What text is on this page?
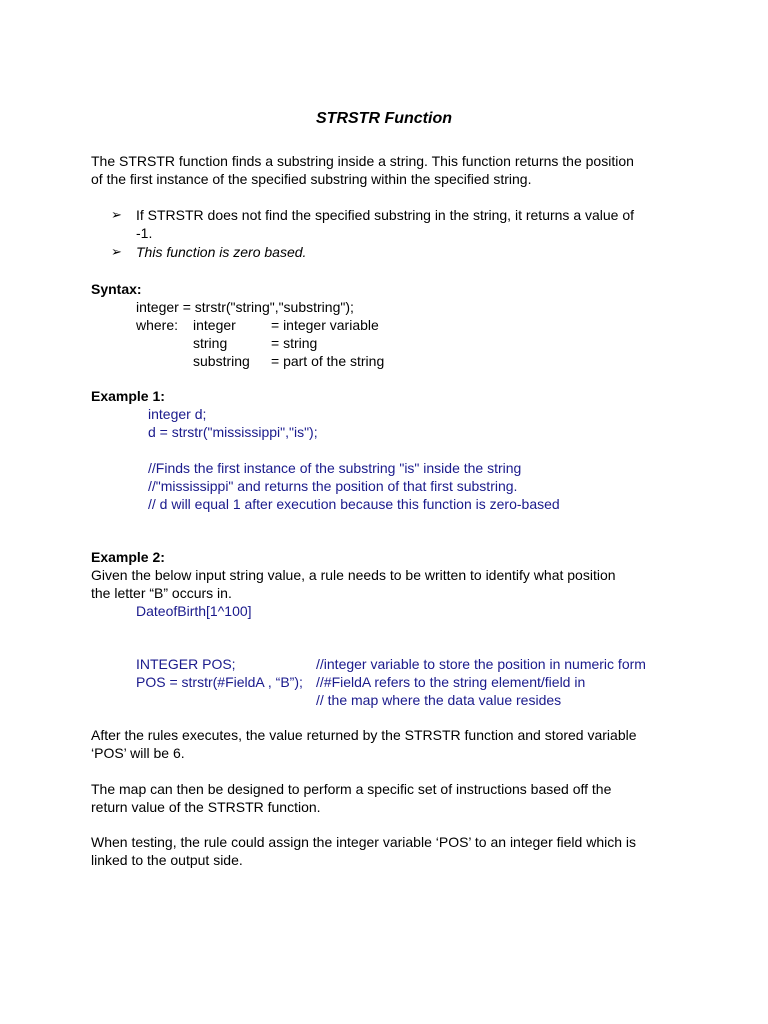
STRSTR Function
The STRSTR function finds a substring inside a string. This function returns the position
of the first instance of the specified substring within the specified string.
➢ If STRSTR does not find the specified substring in the string, it returns a value of
-1.
➢ This function is zero based.
Syntax:
integer = strstr("string","substring");
where: integer	= integer variable
string	= string
substring = part of the string
Example 1:
integer d;
d = strstr("mississippi","is");
//Finds the first instance of the substring "is" inside the string
//"mississippi" and returns the position of that first substring.
// d will equal 1 after execution because this function is zero-based
Example 2:
Given the below input string value, a rule needs to be written to identify what position
the letter “B” occurs in.
DateofBirth[1^100]
INTEGER POS;	//integer variable to store the position in numeric form
POS = strstr(#FieldA , “B”); //#FieldA refers to the string element/field in
// the map where the data value resides
After the rules executes, the value returned by the STRSTR function and stored variable
‘POS’ will be 6.
The map can then be designed to perform a specific set of instructions based off the
return value of the STRSTR function.
When testing, the rule could assign the integer variable ‘POS’ to an integer field which is
linked to the output side.
